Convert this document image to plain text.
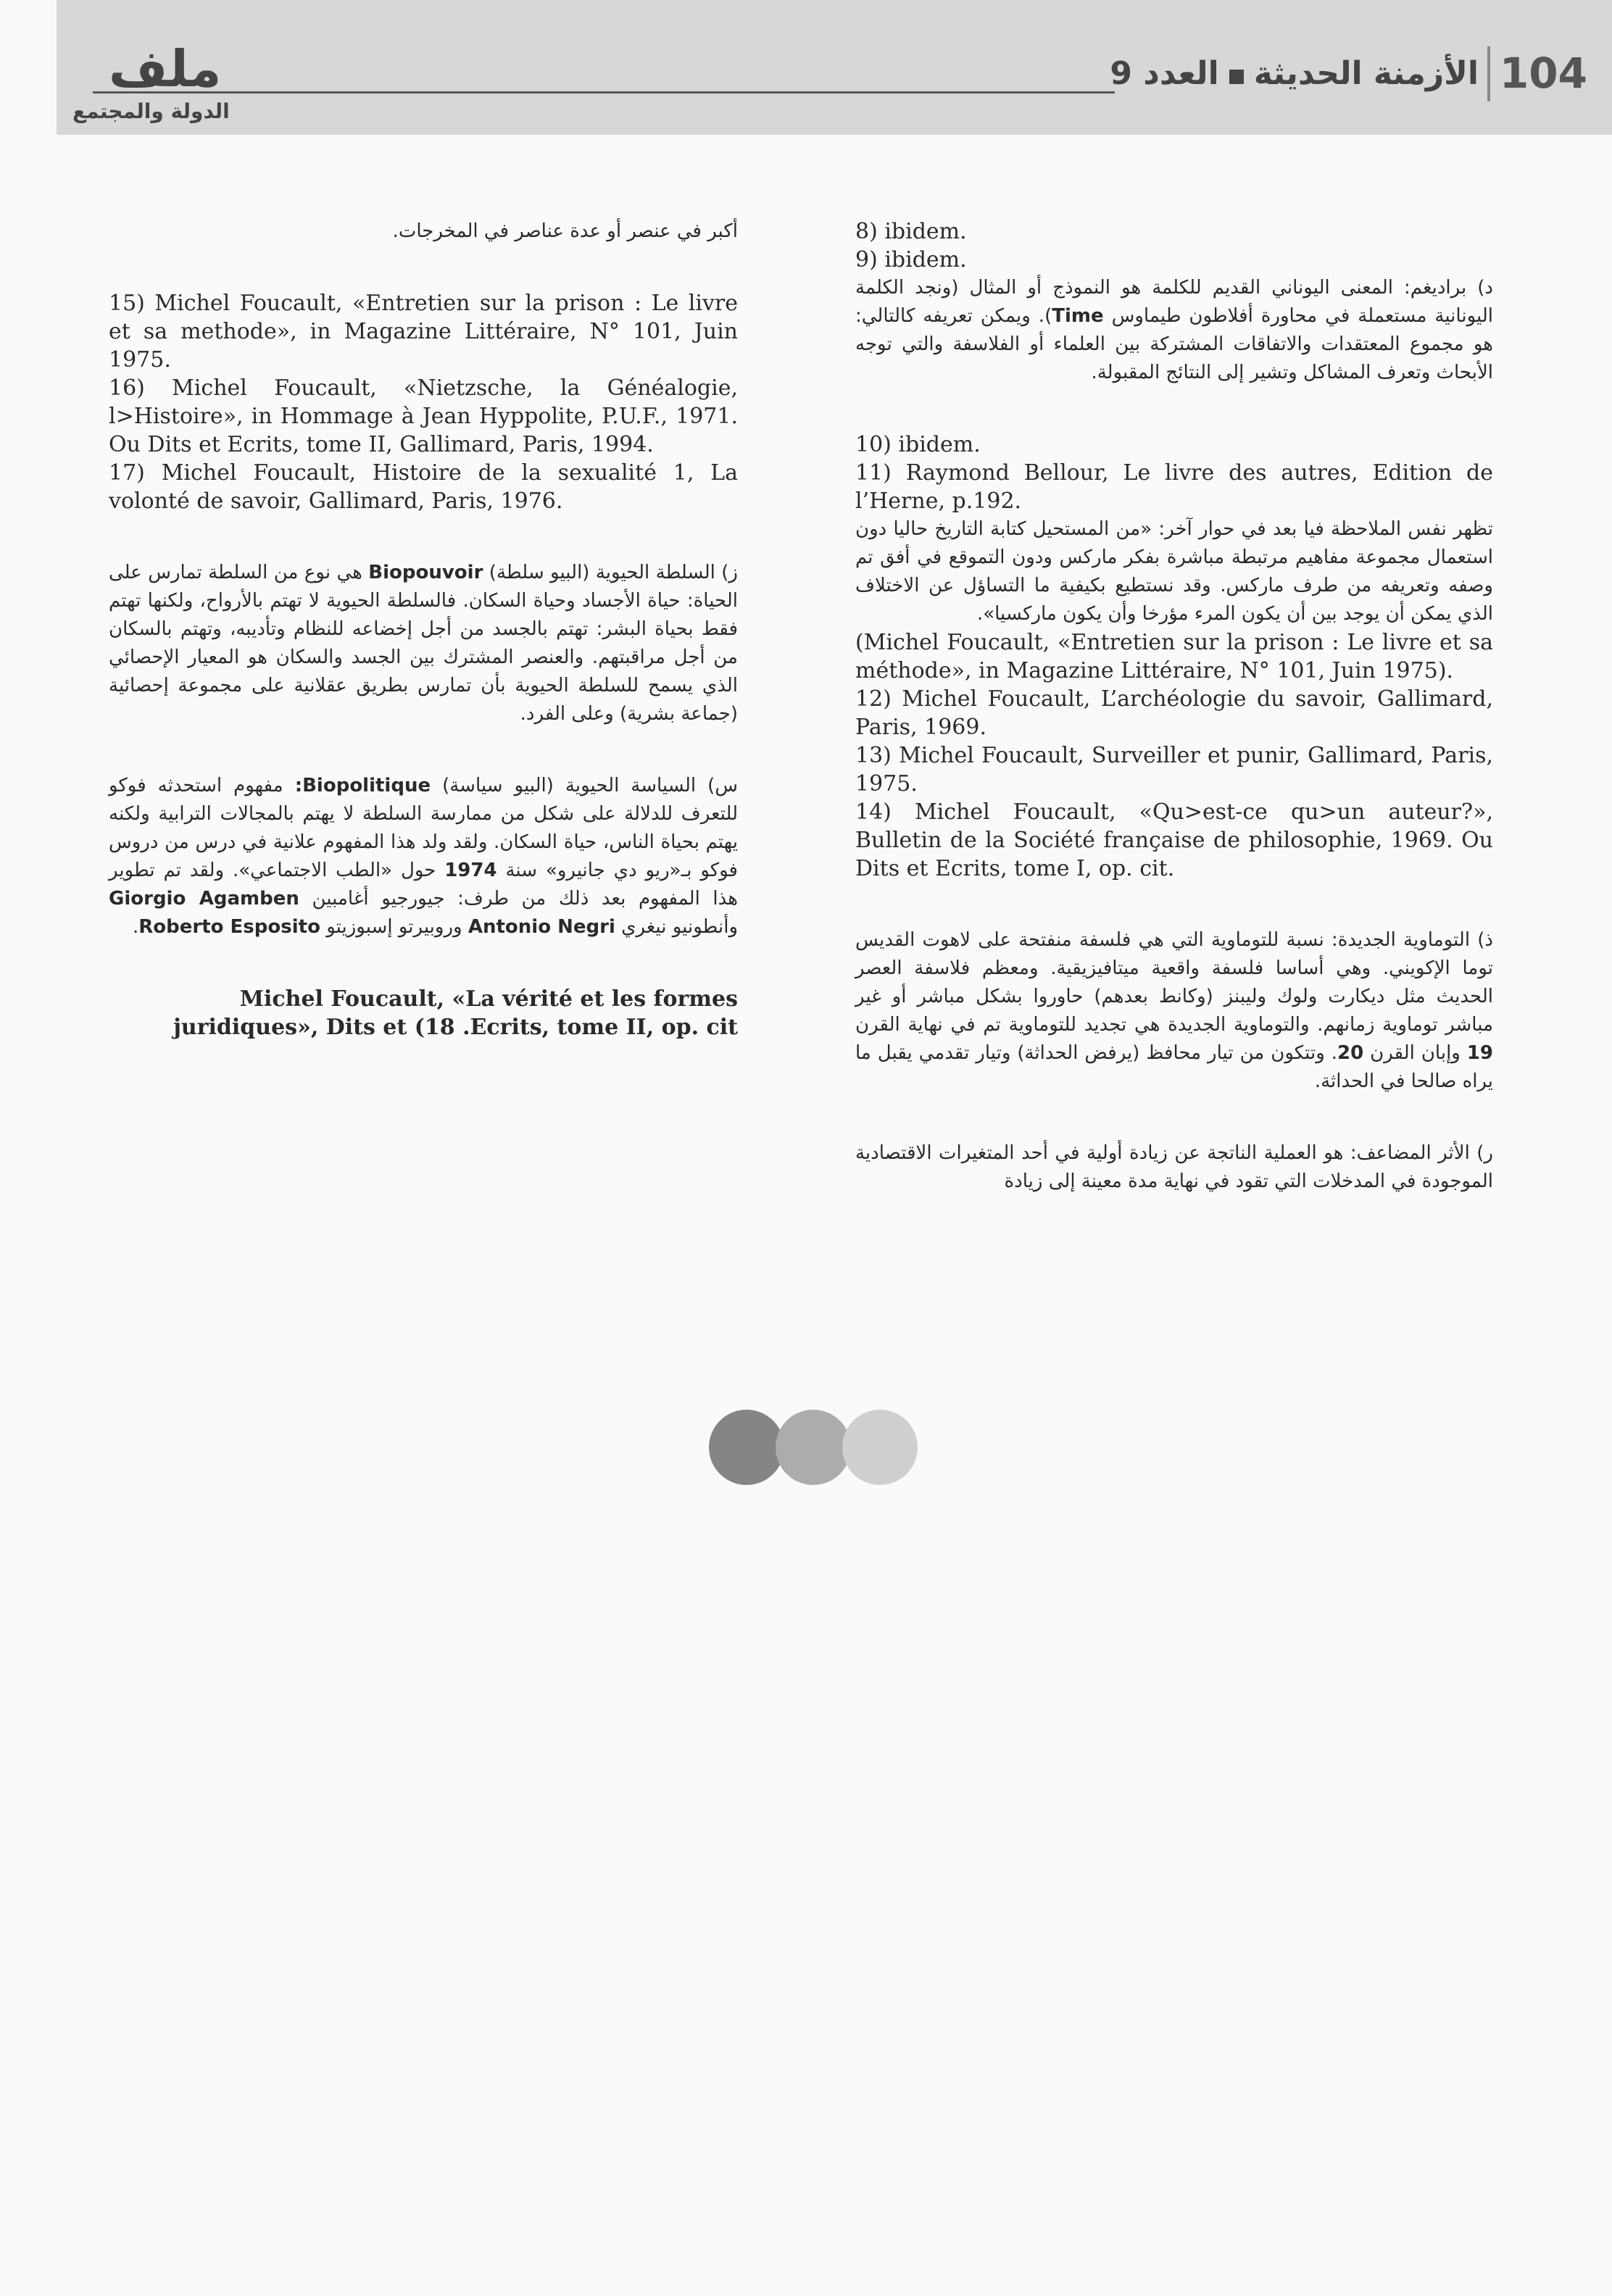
104
الأزمنة الحديثةالعدد 9
ملف
الدولة والمجتمع

أكبر في عنصر أو عدة عناصر في المخرجات.

15) Michel Foucault, «Entretien sur la prison : Le livre et sa methode», in Magazine Littéraire, N° 101, Juin 1975.

16) Michel Foucault, «Nietzsche, la Généalogie, l>Histoire», in Hommage à Jean Hyppolite, P.U.F., 1971. Ou Dits et Ecrits, tome II, Gallimard, Paris, 1994.

17) Michel Foucault, Histoire de la sexualité 1, La volonté de savoir, Gallimard, Paris, 1976.

ز) السلطة الحيوية (البيو سلطة) Biopouvoir هي نوع من السلطة تمارس على الحياة: حياة الأجساد وحياة السكان. فالسلطة الحيوية لا تهتم بالأرواح، ولكنها تهتم فقط بحياة البشر: تهتم بالجسد من أجل إخضاعه للنظام وتأديبه، وتهتم بالسكان من أجل مراقبتهم. والعنصر المشترك بين الجسد والسكان هو المعيار الإحصائي الذي يسمح للسلطة الحيوية بأن تمارس بطريق عقلانية على مجموعة إحصائية (جماعة بشرية) وعلى الفرد.

س) السياسة الحيوية (البيو سياسة) Biopolitique: مفهوم استحدثه فوكو للتعرف للدلالة على شكل من ممارسة السلطة لا يهتم بالمجالات الترابية ولكنه يهتم بحياة الناس، حياة السكان. ولقد ولد هذا المفهوم علانية في درس من دروس فوكو بـ«ريو دي جانيرو» سنة 1974 حول «الطب الاجتماعي». ولقد تم تطوير هذا المفهوم بعد ذلك من طرف: جيورجيو أغامبين Giorgio Agamben وأنطونيو نيغري Antonio Negri وروبيرتو إسبوزيتو Roberto Esposito.

Michel Foucault, «La vérité et les formes juridiques», Dits et (18 .Ecrits, tome II, op. cit

8) ibidem.

9) ibidem.

د) براديغم: المعنى اليوناني القديم للكلمة هو النموذج أو المثال (ونجد الكلمة اليونانية مستعملة في محاورة أفلاطون طيماوس Time). ويمكن تعريفه كالتالي: هو مجموع المعتقدات والاتفاقات المشتركة بين العلماء أو الفلاسفة والتي توجه الأبحاث وتعرف المشاكل وتشير إلى النتائج المقبولة.

10) ibidem.

11) Raymond Bellour, Le livre des autres, Edition de l’Herne, p.192.

تظهر نفس الملاحظة فيا بعد في حوار آخر: «من المستحيل كتابة التاريخ حاليا دون استعمال مجموعة مفاهيم مرتبطة مباشرة بفكر ماركس ودون التموقع في أفق تم وصفه وتعريفه من طرف ماركس. وقد نستطيع بكيفية ما التساؤل عن الاختلاف الذي يمكن أن يوجد بين أن يكون المرء مؤرخا وأن يكون ماركسيا».

(Michel Foucault, «Entretien sur la prison : Le livre et sa méthode», in Magazine Littéraire, N° 101, Juin 1975).

12) Michel Foucault, L’archéologie du savoir, Gallimard, Paris, 1969.

13) Michel Foucault, Surveiller et punir, Gallimard, Paris, 1975.

14) Michel Foucault, «Qu>est-ce qu>un auteur?», Bulletin de la Société française de philosophie, 1969. Ou Dits et Ecrits, tome I, op. cit.

ذ) التوماوية الجديدة: نسبة للتوماوية التي هي فلسفة منفتحة على لاهوت القديس توما الإكويني. وهي أساسا فلسفة واقعية ميتافيزيقية. ومعظم فلاسفة العصر الحديث مثل ديكارت ولوك وليبنز (وكانط بعدهم) حاوروا بشكل مباشر أو غير مباشر توماوية زمانهم. والتوماوية الجديدة هي تجديد للتوماوية تم في نهاية القرن 19 وإبان القرن 20. وتتكون من تيار محافظ (يرفض الحداثة) وتيار تقدمي يقبل ما يراه صالحا في الحداثة.

ر) الأثر المضاعف: هو العملية الناتجة عن زيادة أولية في أحد المتغيرات الاقتصادية الموجودة في المدخلات التي تقود في نهاية مدة معينة إلى زيادة
